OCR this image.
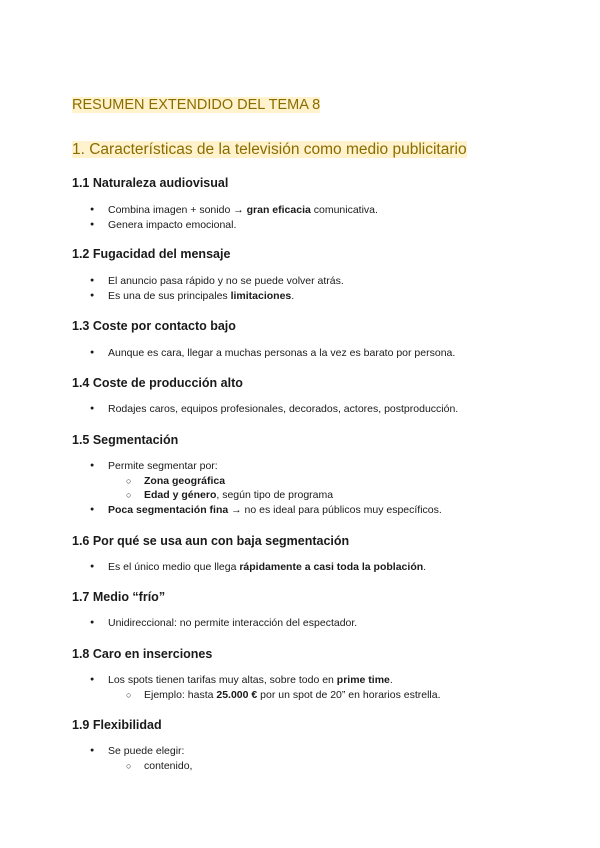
RESUMEN EXTENDIDO DEL TEMA 8
1. Características de la televisión como medio publicitario
1.1 Naturaleza audiovisual
● Combina imagen + sonido → gran eficacia comunicativa.
● Genera impacto emocional.
1.2 Fugacidad del mensaje
● El anuncio pasa rápido y no se puede volver atrás.
● Es una de sus principales limitaciones.
1.3 Coste por contacto bajo
● Aunque es cara, llegar a muchas personas a la vez es barato por persona.
1.4 Coste de producción alto
● Rodajes caros, equipos profesionales, decorados, actores, postproducción.
1.5 Segmentación
● Permite segmentar por:
○ Zona geográfica
○ Edad y género, según tipo de programa
● Poca segmentación fina → no es ideal para públicos muy específicos.
1.6 Por qué se usa aun con baja segmentación
● Es el único medio que llega rápidamente a casi toda la población.
1.7 Medio “frío”
● Unidireccional: no permite interacción del espectador.
1.8 Caro en inserciones
● Los spots tienen tarifas muy altas, sobre todo en prime time.
○ Ejemplo: hasta 25.000 € por un spot de 20” en horarios estrella.
1.9 Flexibilidad
● Se puede elegir:
○ contenido,
